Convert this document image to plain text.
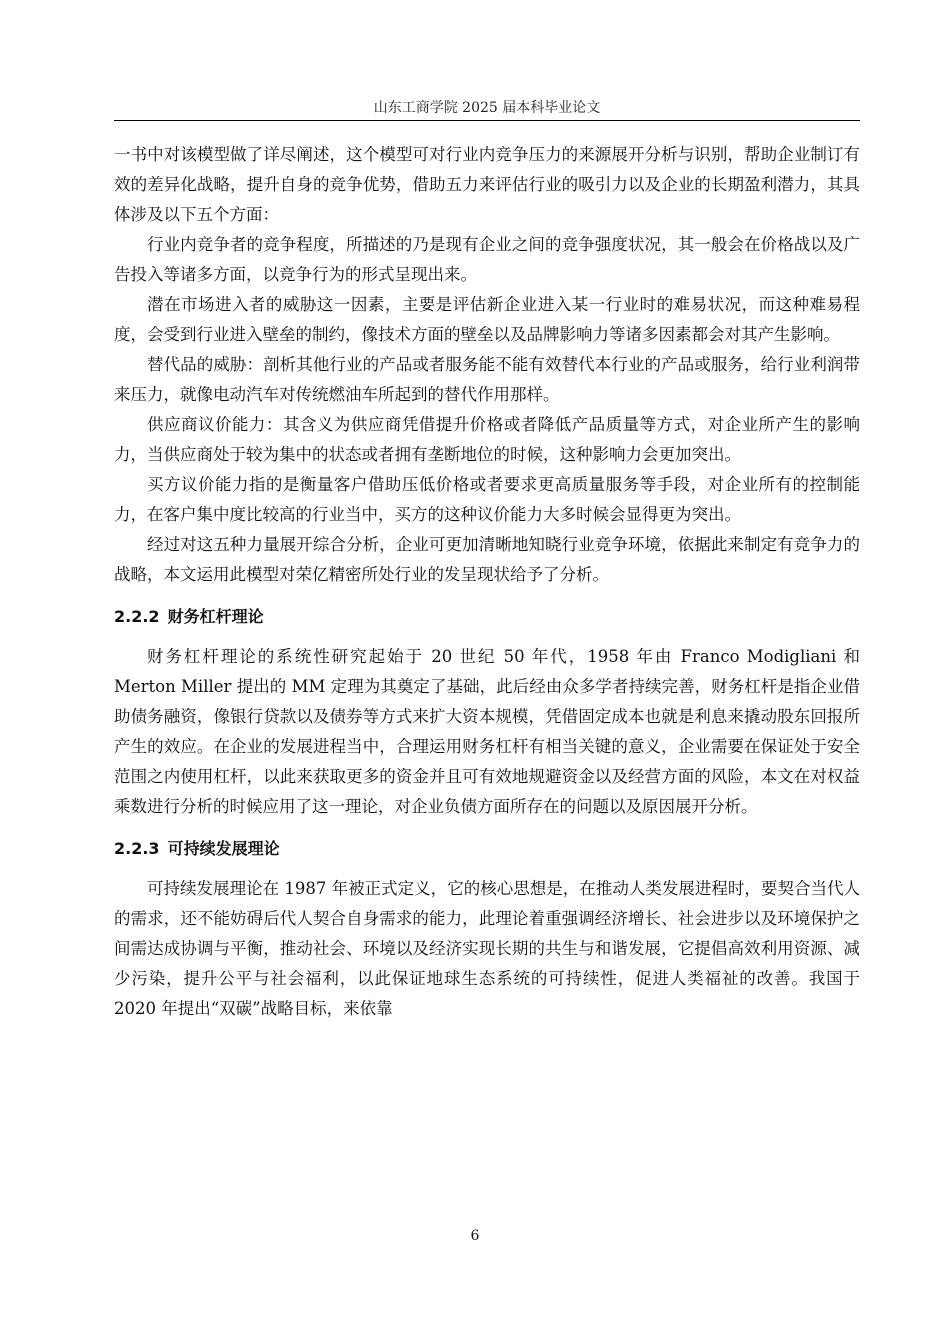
山东工商学院 2025 届本科毕业论文

一书中对该模型做了详尽阐述，这个模型可对行业内竞争压力的来源展开分析与识别，帮助企业制订有效的差异化战略，提升自身的竞争优势，借助五力来评估行业的吸引力以及企业的长期盈利潜力，其具体涉及以下五个方面：

行业内竞争者的竞争程度，所描述的乃是现有企业之间的竞争强度状况，其一般会在价格战以及广告投入等诸多方面，以竞争行为的形式呈现出来。

潜在市场进入者的威胁这一因素，主要是评估新企业进入某一行业时的难易状况，而这种难易程度，会受到行业进入壁垒的制约，像技术方面的壁垒以及品牌影响力等诸多因素都会对其产生影响。

替代品的威胁：剖析其他行业的产品或者服务能不能有效替代本行业的产品或服务，给行业利润带来压力，就像电动汽车对传统燃油车所起到的替代作用那样。

供应商议价能力：其含义为供应商凭借提升价格或者降低产品质量等方式，对企业所产生的影响力，当供应商处于较为集中的状态或者拥有垄断地位的时候，这种影响力会更加突出。

买方议价能力指的是衡量客户借助压低价格或者要求更高质量服务等手段，对企业所有的控制能力，在客户集中度比较高的行业当中，买方的这种议价能力大多时候会显得更为突出。

经过对这五种力量展开综合分析，企业可更加清晰地知晓行业竞争环境，依据此来制定有竞争力的战略，本文运用此模型对荣亿精密所处行业的发呈现状给予了分析。

2.2.2 财务杠杆理论

财务杠杆理论的系统性研究起始于 20 世纪 50 年代，1958 年由 Franco Modigliani 和 Merton Miller 提出的 MM 定理为其奠定了基础，此后经由众多学者持续完善，财务杠杆是指企业借助债务融资，像银行贷款以及债券等方式来扩大资本规模，凭借固定成本也就是利息来撬动股东回报所产生的效应。在企业的发展进程当中，合理运用财务杠杆有相当关键的意义，企业需要在保证处于安全范围之内使用杠杆，以此来获取更多的资金并且可有效地规避资金以及经营方面的风险，本文在对权益乘数进行分析的时候应用了这一理论，对企业负债方面所存在的问题以及原因展开分析。

2.2.3 可持续发展理论

可持续发展理论在 1987 年被正式定义，它的核心思想是，在推动人类发展进程时，要契合当代人的需求，还不能妨碍后代人契合自身需求的能力，此理论着重强调经济增长、社会进步以及环境保护之间需达成协调与平衡，推动社会、环境以及经济实现长期的共生与和谐发展，它提倡高效利用资源、减少污染，提升公平与社会福利，以此保证地球生态系统的可持续性，促进人类福祉的改善。我国于 2020 年提出“双碳”战略目标，来依靠

6
